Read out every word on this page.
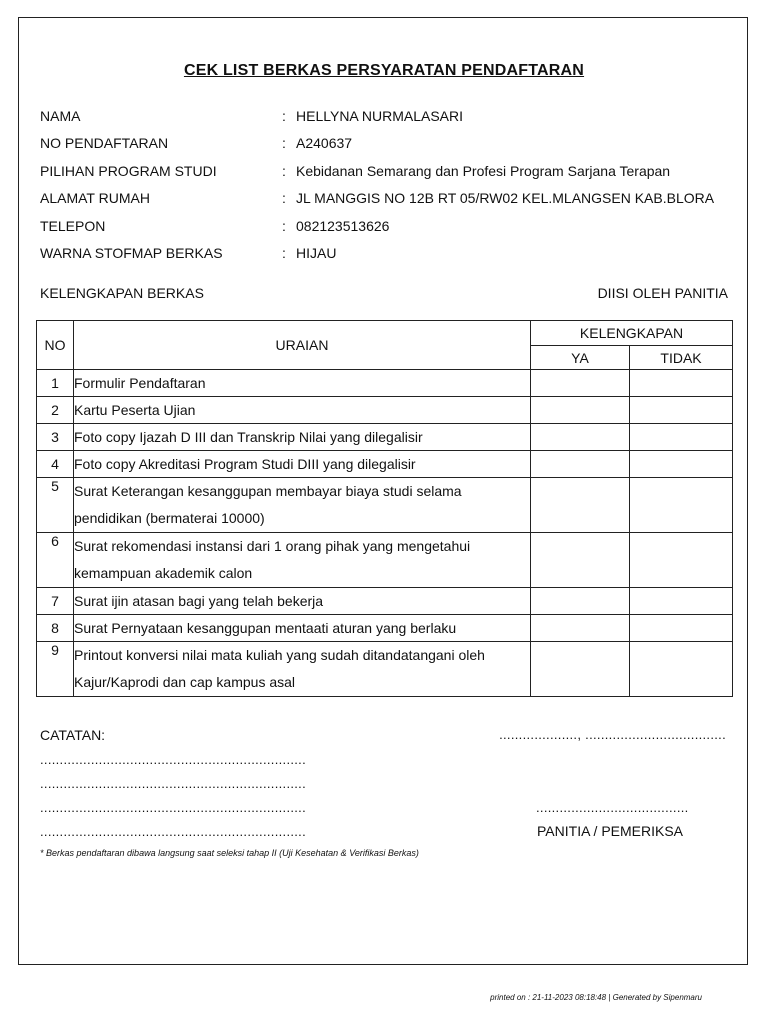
CEK LIST BERKAS PERSYARATAN PENDAFTARAN
NAMA	: HELLYNA NURMALASARI
NO PENDAFTARAN	: A240637
PILIHAN PROGRAM STUDI	: Kebidanan Semarang dan Profesi Program Sarjana Terapan
ALAMAT RUMAH	: JL MANGGIS NO 12B RT 05/RW02 KEL.MLANGSEN KAB.BLORA
TELEPON	: 082123513626
WARNA STOFMAP BERKAS	: HIJAU
KELENGKAPAN BERKAS	DIISI OLEH PANITIA
NO	URAIAN	KELENGKAPAN	
		YA	TIDAK
1	Formulir Pendaftaran		
2	Kartu Peserta Ujian		
3	Foto copy Ijazah D III dan Transkrip Nilai yang dilegalisir		
4	Foto copy Akreditasi Program Studi DIII yang dilegalisir		
5	Surat Keterangan kesanggupan membayar biaya studi selama pendidikan (bermaterai 10000)		
6	Surat rekomendasi instansi dari 1 orang pihak yang mengetahui kemampuan akademik calon		
7	Surat ijin atasan bagi yang telah bekerja		
8	Surat Pernyataan kesanggupan mentaati aturan yang berlaku		
9	Printout konversi nilai mata kuliah yang sudah ditandatangani oleh Kajur/Kaprodi dan cap kampus asal		
CATATAN:
....................................................................
....................................................................
....................................................................
....................................................................
...................., ....................................
.......................................
PANITIA / PEMERIKSA
* Berkas pendaftaran dibawa langsung saat seleksi tahap II (Uji Kesehatan & Verifikasi Berkas)
printed on : 21-11-2023 08:18:48 | Generated by Sipenmaru
